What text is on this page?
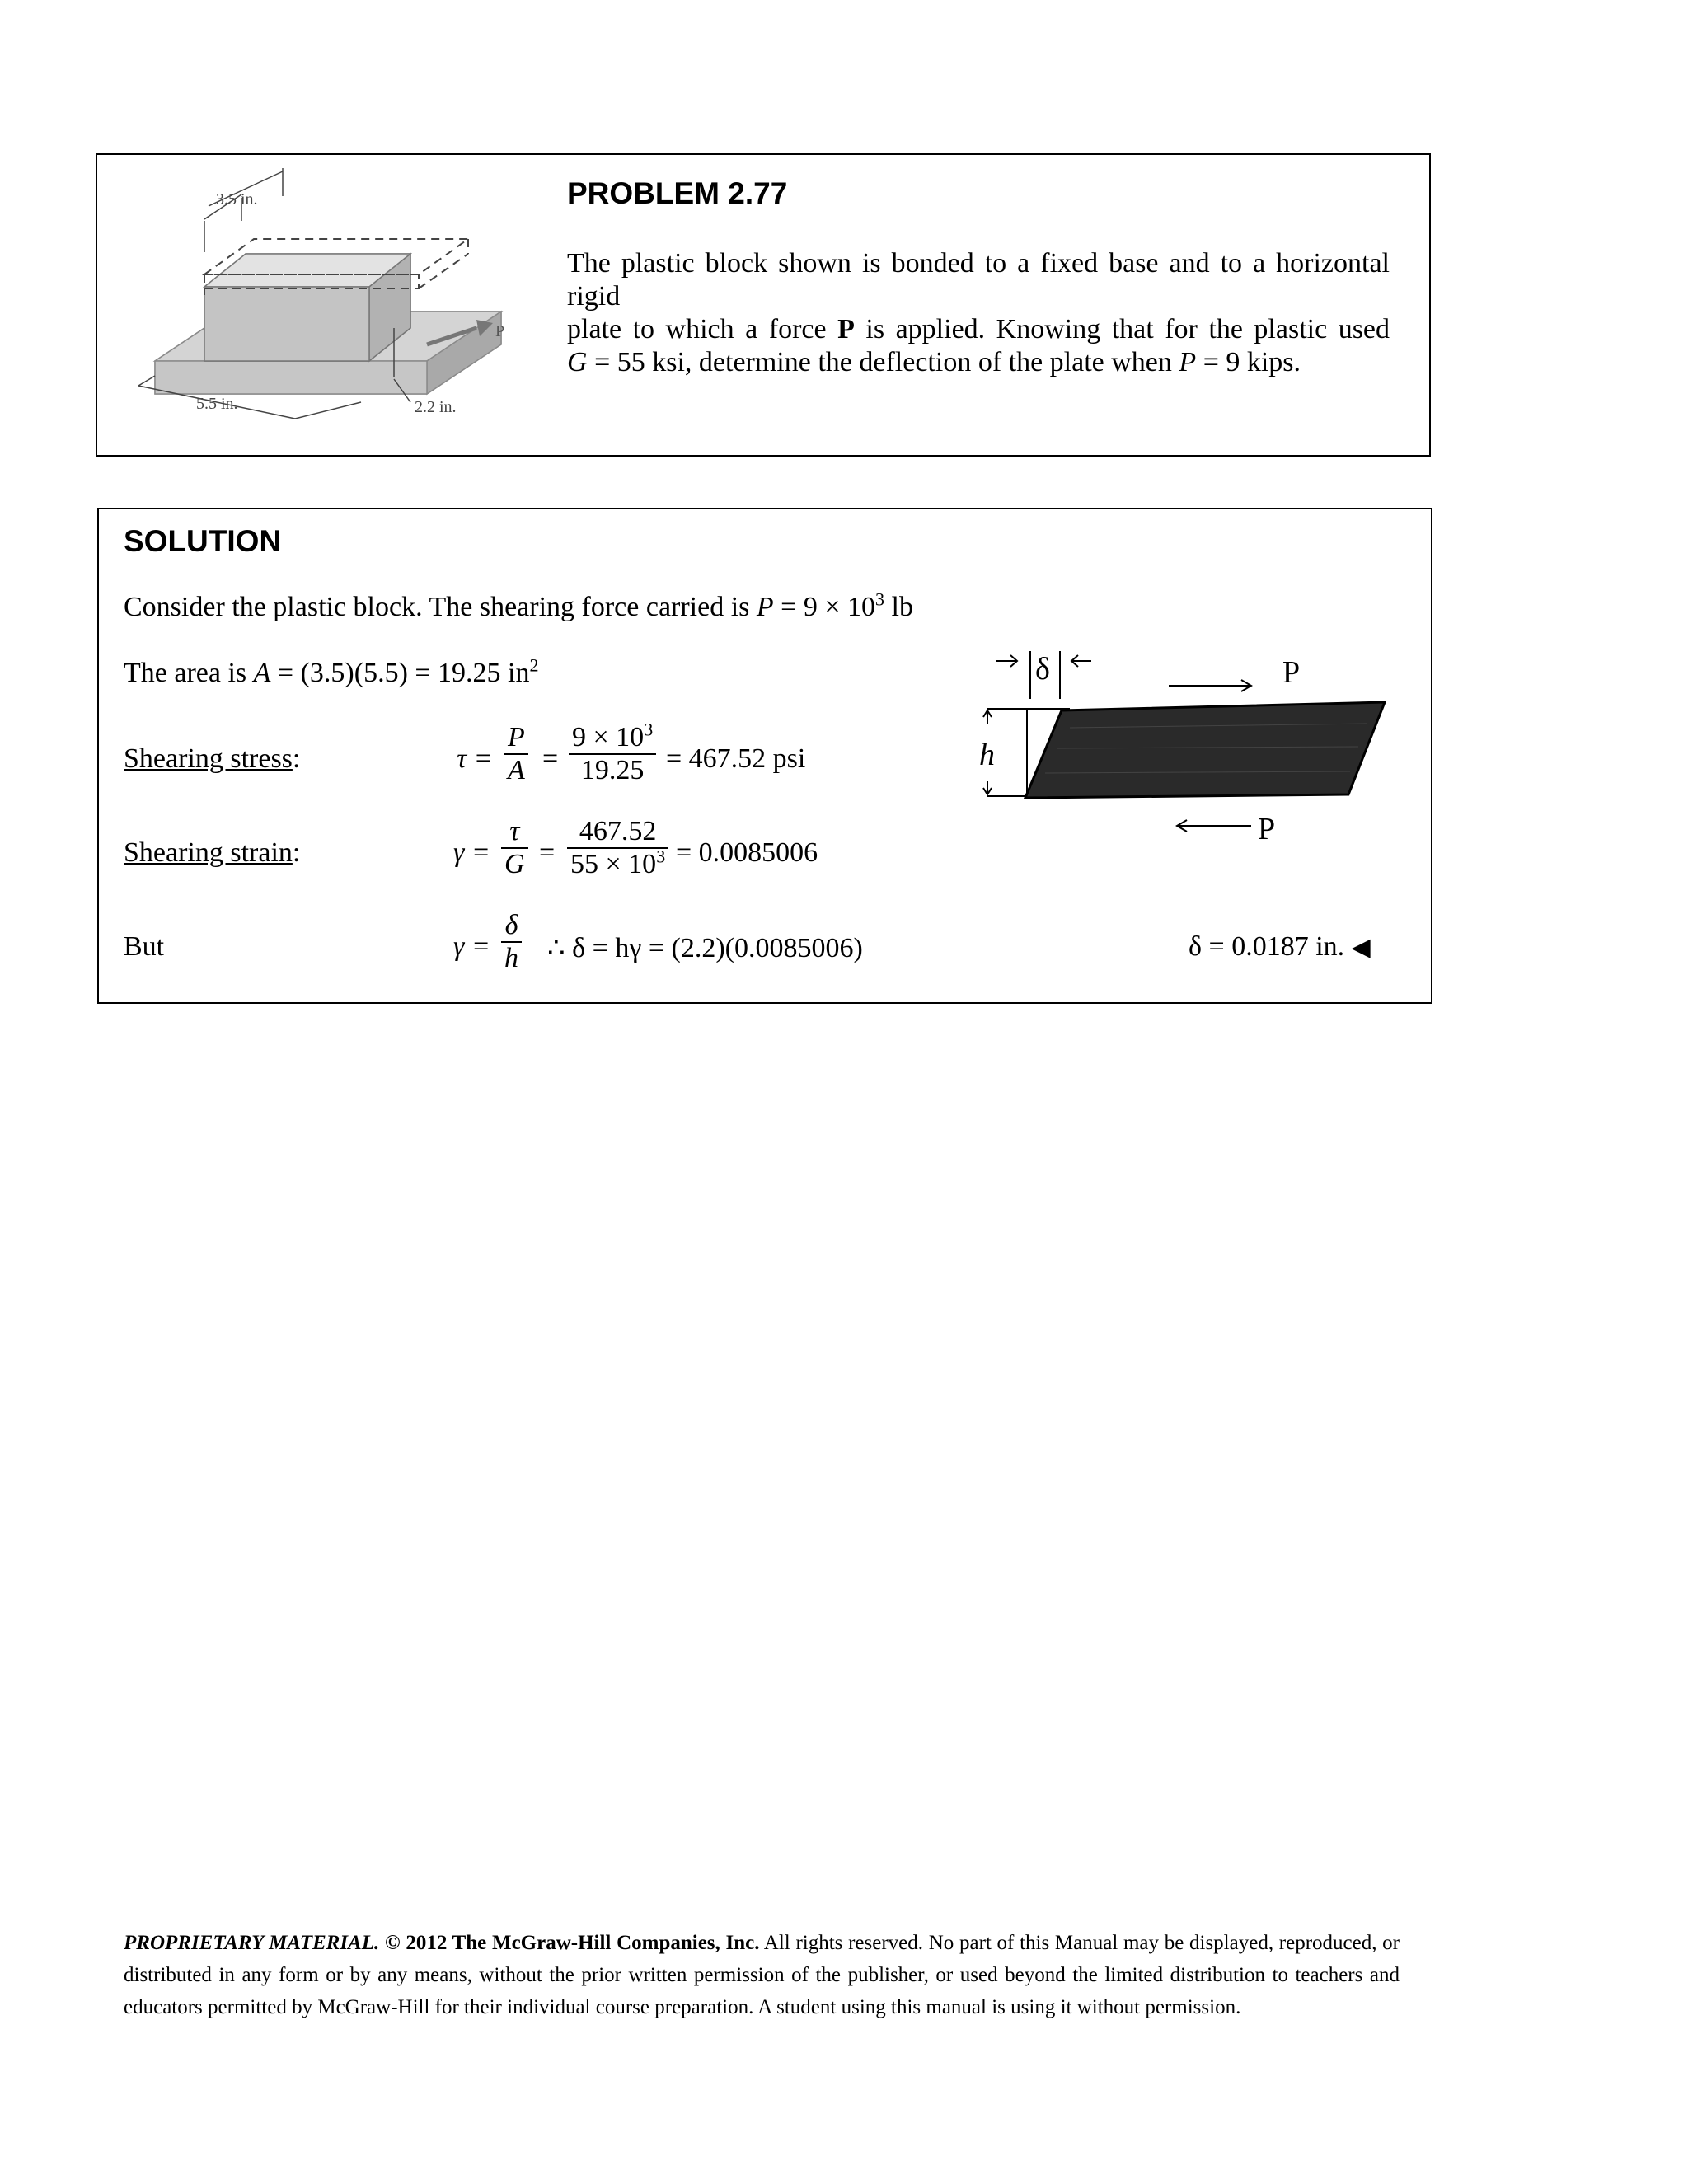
P
3.5 in.
5.5 in.	2.2 in.
PROBLEM 2.77
The plastic block shown is bonded to a fixed base and to a horizontal rigid
plate to which a force P is applied. Knowing that for the plastic used
G = 55 ksi, determine the deflection of the plate when P = 9 kips.
SOLUTION
Consider the plastic block. The shearing force carried is $P = 9 \times 10^3$ lb
The area is A = (3.5)(5.5) = 19.25 $in^2$
Shearing stress:	$\tau = \frac{P}{A} = \frac{9 \times 10^3}{19.25} = 467.52$ psi
Shearing strain:	$\gamma = \frac{\tau}{G} = \frac{467.52}{55 \times 10^3} = 0.0085006$
But	$\gamma = \frac{\delta}{h}$ ∴ δ = hγ = (2.2)(0.0085006)	δ = 0.0187 in. ◀
δ
h
P
P
PROPRIETARY MATERIAL. © 2012 The McGraw-Hill Companies, Inc. All rights reserved. No part of this Manual may be displayed, reproduced, or distributed in any form or by any means, without the prior written permission of the publisher, or used beyond the limited distribution to teachers and educators permitted by McGraw-Hill for their individual course preparation. A student using this manual is using it without permission.
